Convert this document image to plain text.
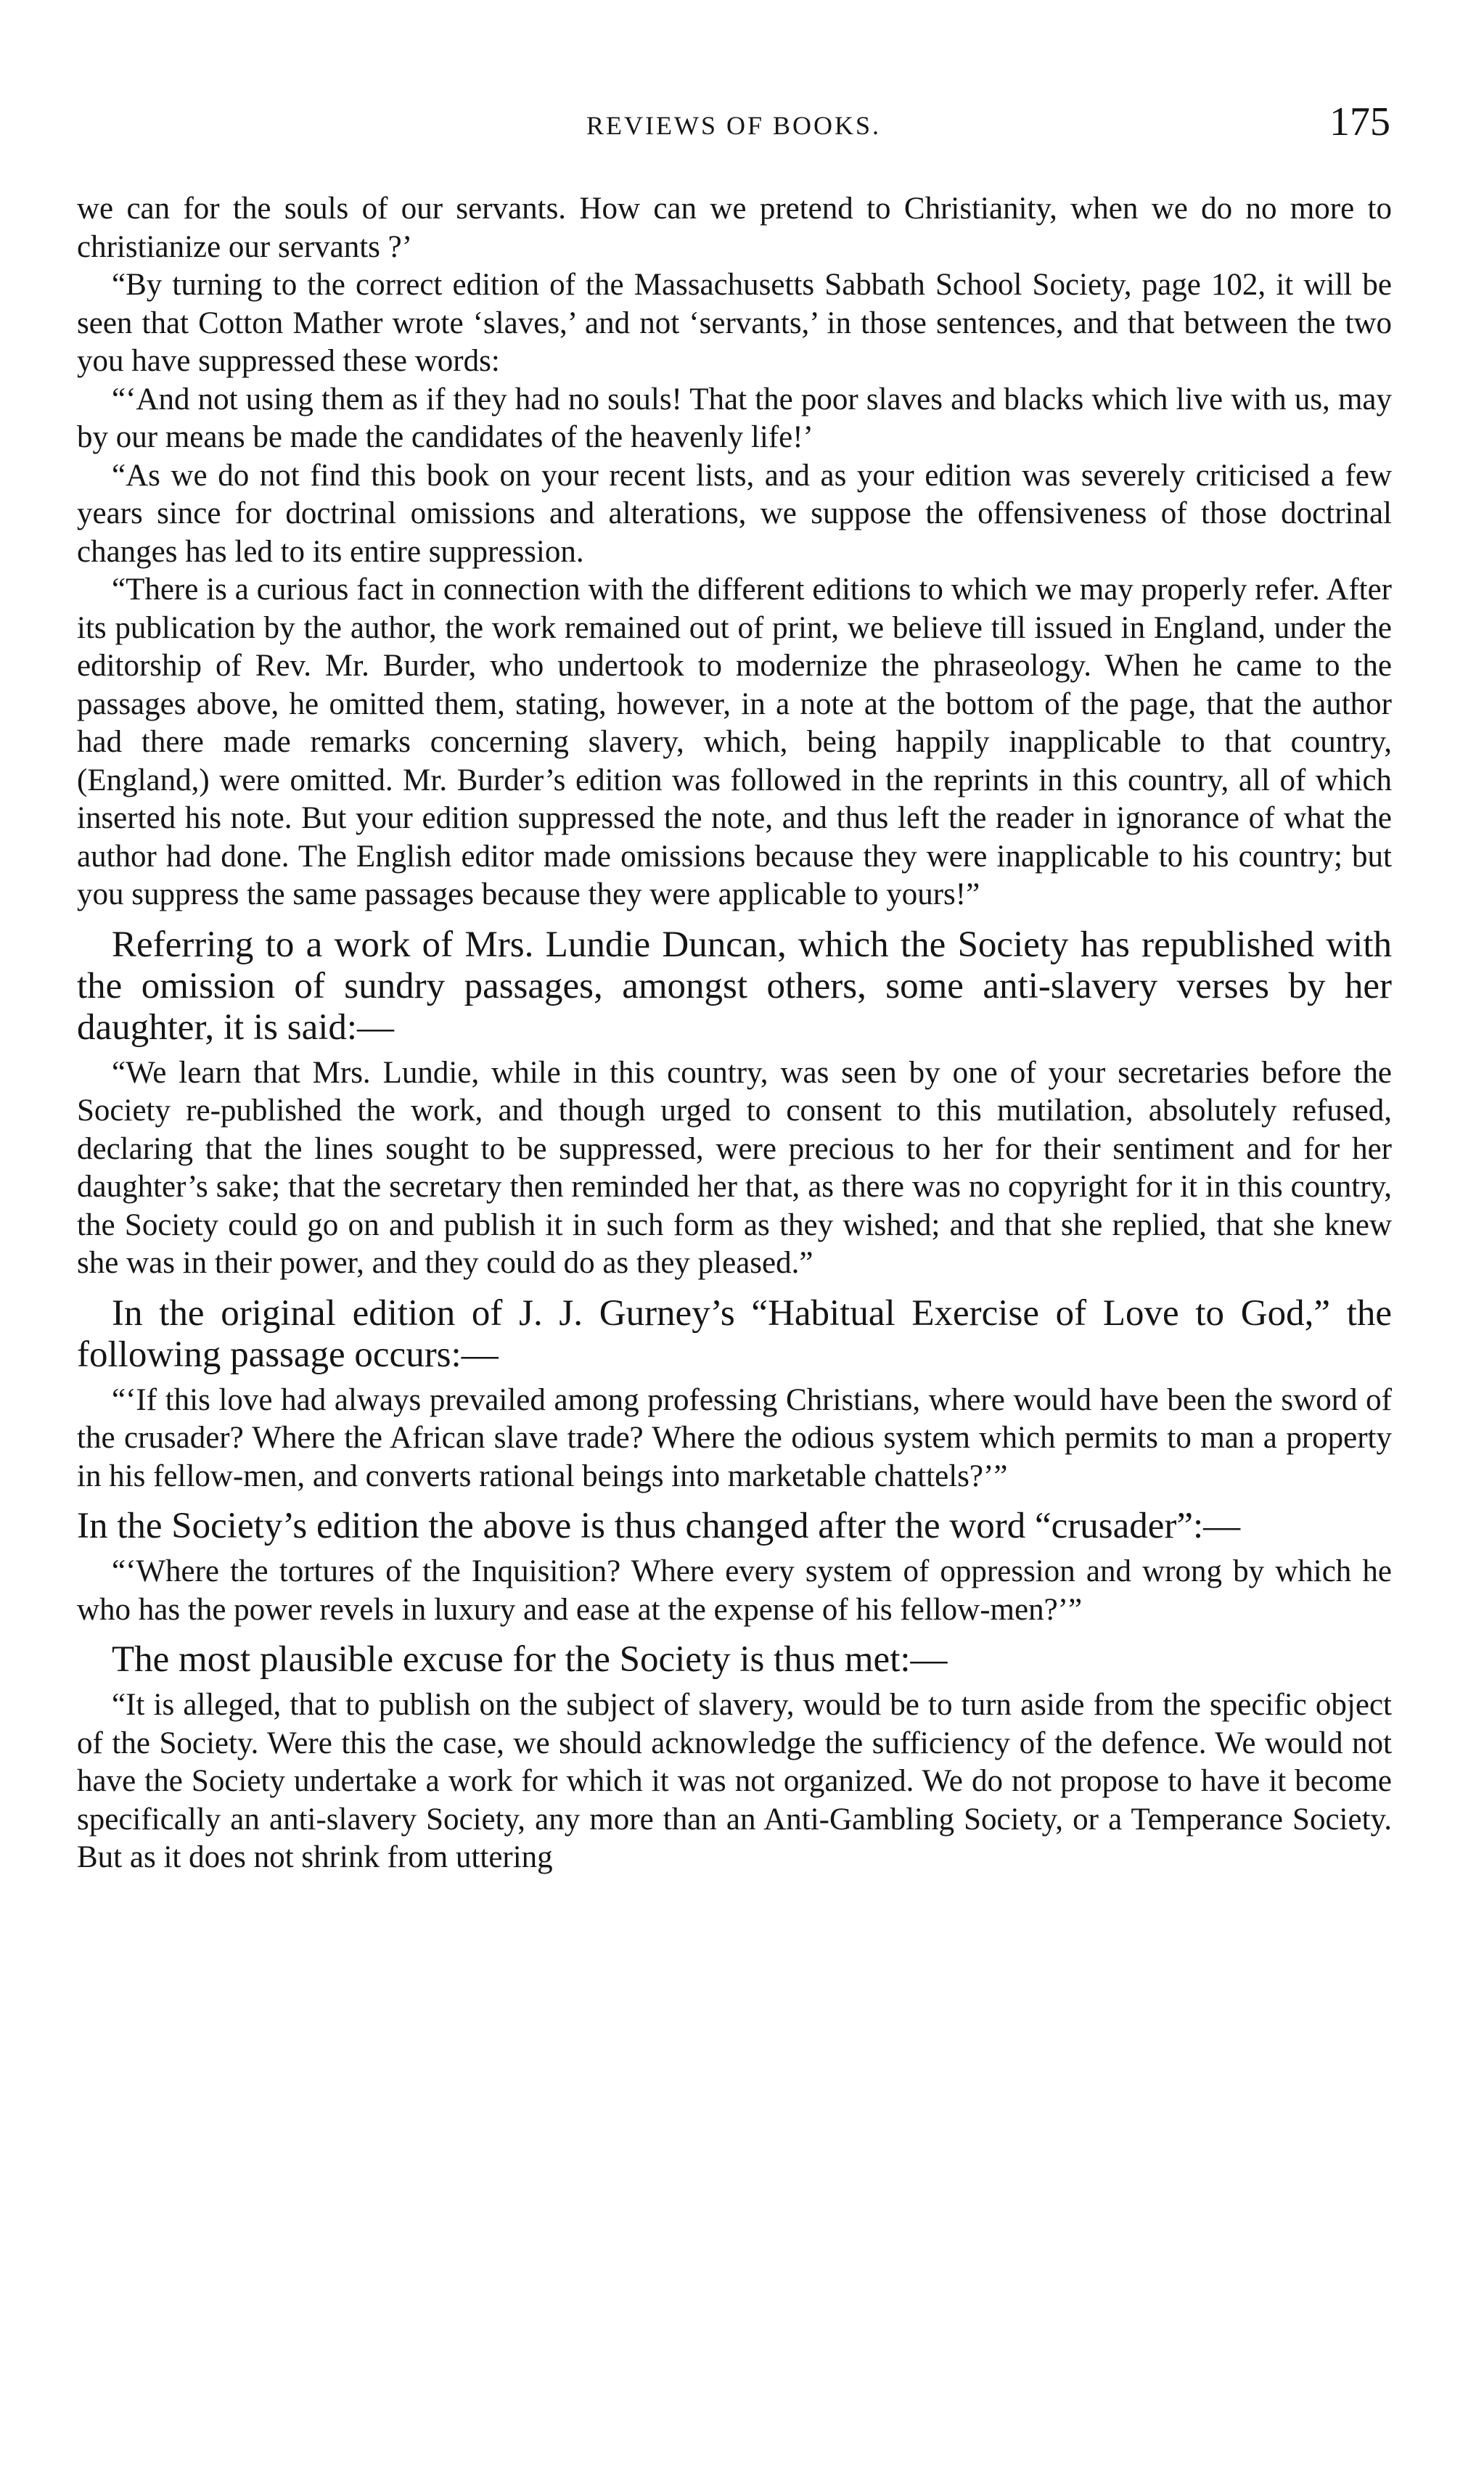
REVIEWS OF BOOKS.	175

we can for the souls of our servants. How can we pretend to Christianity, when we do no more to christianize our servants ?’

“By turning to the correct edition of the Massachusetts Sabbath School Society, page 102, it will be seen that Cotton Mather wrote ‘slaves,’ and not ‘servants,’ in those sentences, and that between the two you have suppressed these words:

“‘And not using them as if they had no souls! That the poor slaves and blacks which live with us, may by our means be made the candidates of the heavenly life!’

“As we do not find this book on your recent lists, and as your edition was severely criticised a few years since for doctrinal omissions and alterations, we suppose the offensiveness of those doctrinal changes has led to its entire suppression.

“There is a curious fact in connection with the different editions to which we may properly refer. After its publication by the author, the work remained out of print, we believe till issued in England, under the editorship of Rev. Mr. Burder, who undertook to modernize the phraseology. When he came to the passages above, he omitted them, stating, however, in a note at the bottom of the page, that the author had there made remarks concerning slavery, which, being happily inapplicable to that country, (England,) were omitted. Mr. Burder’s edition was followed in the reprints in this country, all of which inserted his note. But your edition suppressed the note, and thus left the reader in ignorance of what the author had done. The English editor made omissions because they were inapplicable to his country; but you suppress the same passages because they were applicable to yours!”

Referring to a work of Mrs. Lundie Duncan, which the Society has republished with the omission of sundry passages, amongst others, some anti-slavery verses by her daughter, it is said:—

“We learn that Mrs. Lundie, while in this country, was seen by one of your secretaries before the Society re-published the work, and though urged to consent to this mutilation, absolutely refused, declaring that the lines sought to be suppressed, were precious to her for their sentiment and for her daughter’s sake; that the secretary then reminded her that, as there was no copyright for it in this country, the Society could go on and publish it in such form as they wished; and that she replied, that she knew she was in their power, and they could do as they pleased.”

In the original edition of J. J. Gurney’s “Habitual Exercise of Love to God,” the following passage occurs:—

“‘If this love had always prevailed among professing Christians, where would have been the sword of the crusader? Where the African slave trade? Where the odious system which permits to man a property in his fellow-men, and converts rational beings into marketable chattels?’”

In the Society’s edition the above is thus changed after the word “crusader”:—

“‘Where the tortures of the Inquisition? Where every system of oppression and wrong by which he who has the power revels in luxury and ease at the expense of his fellow-men?’”

The most plausible excuse for the Society is thus met:—

“It is alleged, that to publish on the subject of slavery, would be to turn aside from the specific object of the Society. Were this the case, we should acknowledge the sufficiency of the defence. We would not have the Society undertake a work for which it was not organized. We do not propose to have it become specifically an anti-slavery Society, any more than an Anti-Gambling Society, or a Temperance Society. But as it does not shrink from uttering
